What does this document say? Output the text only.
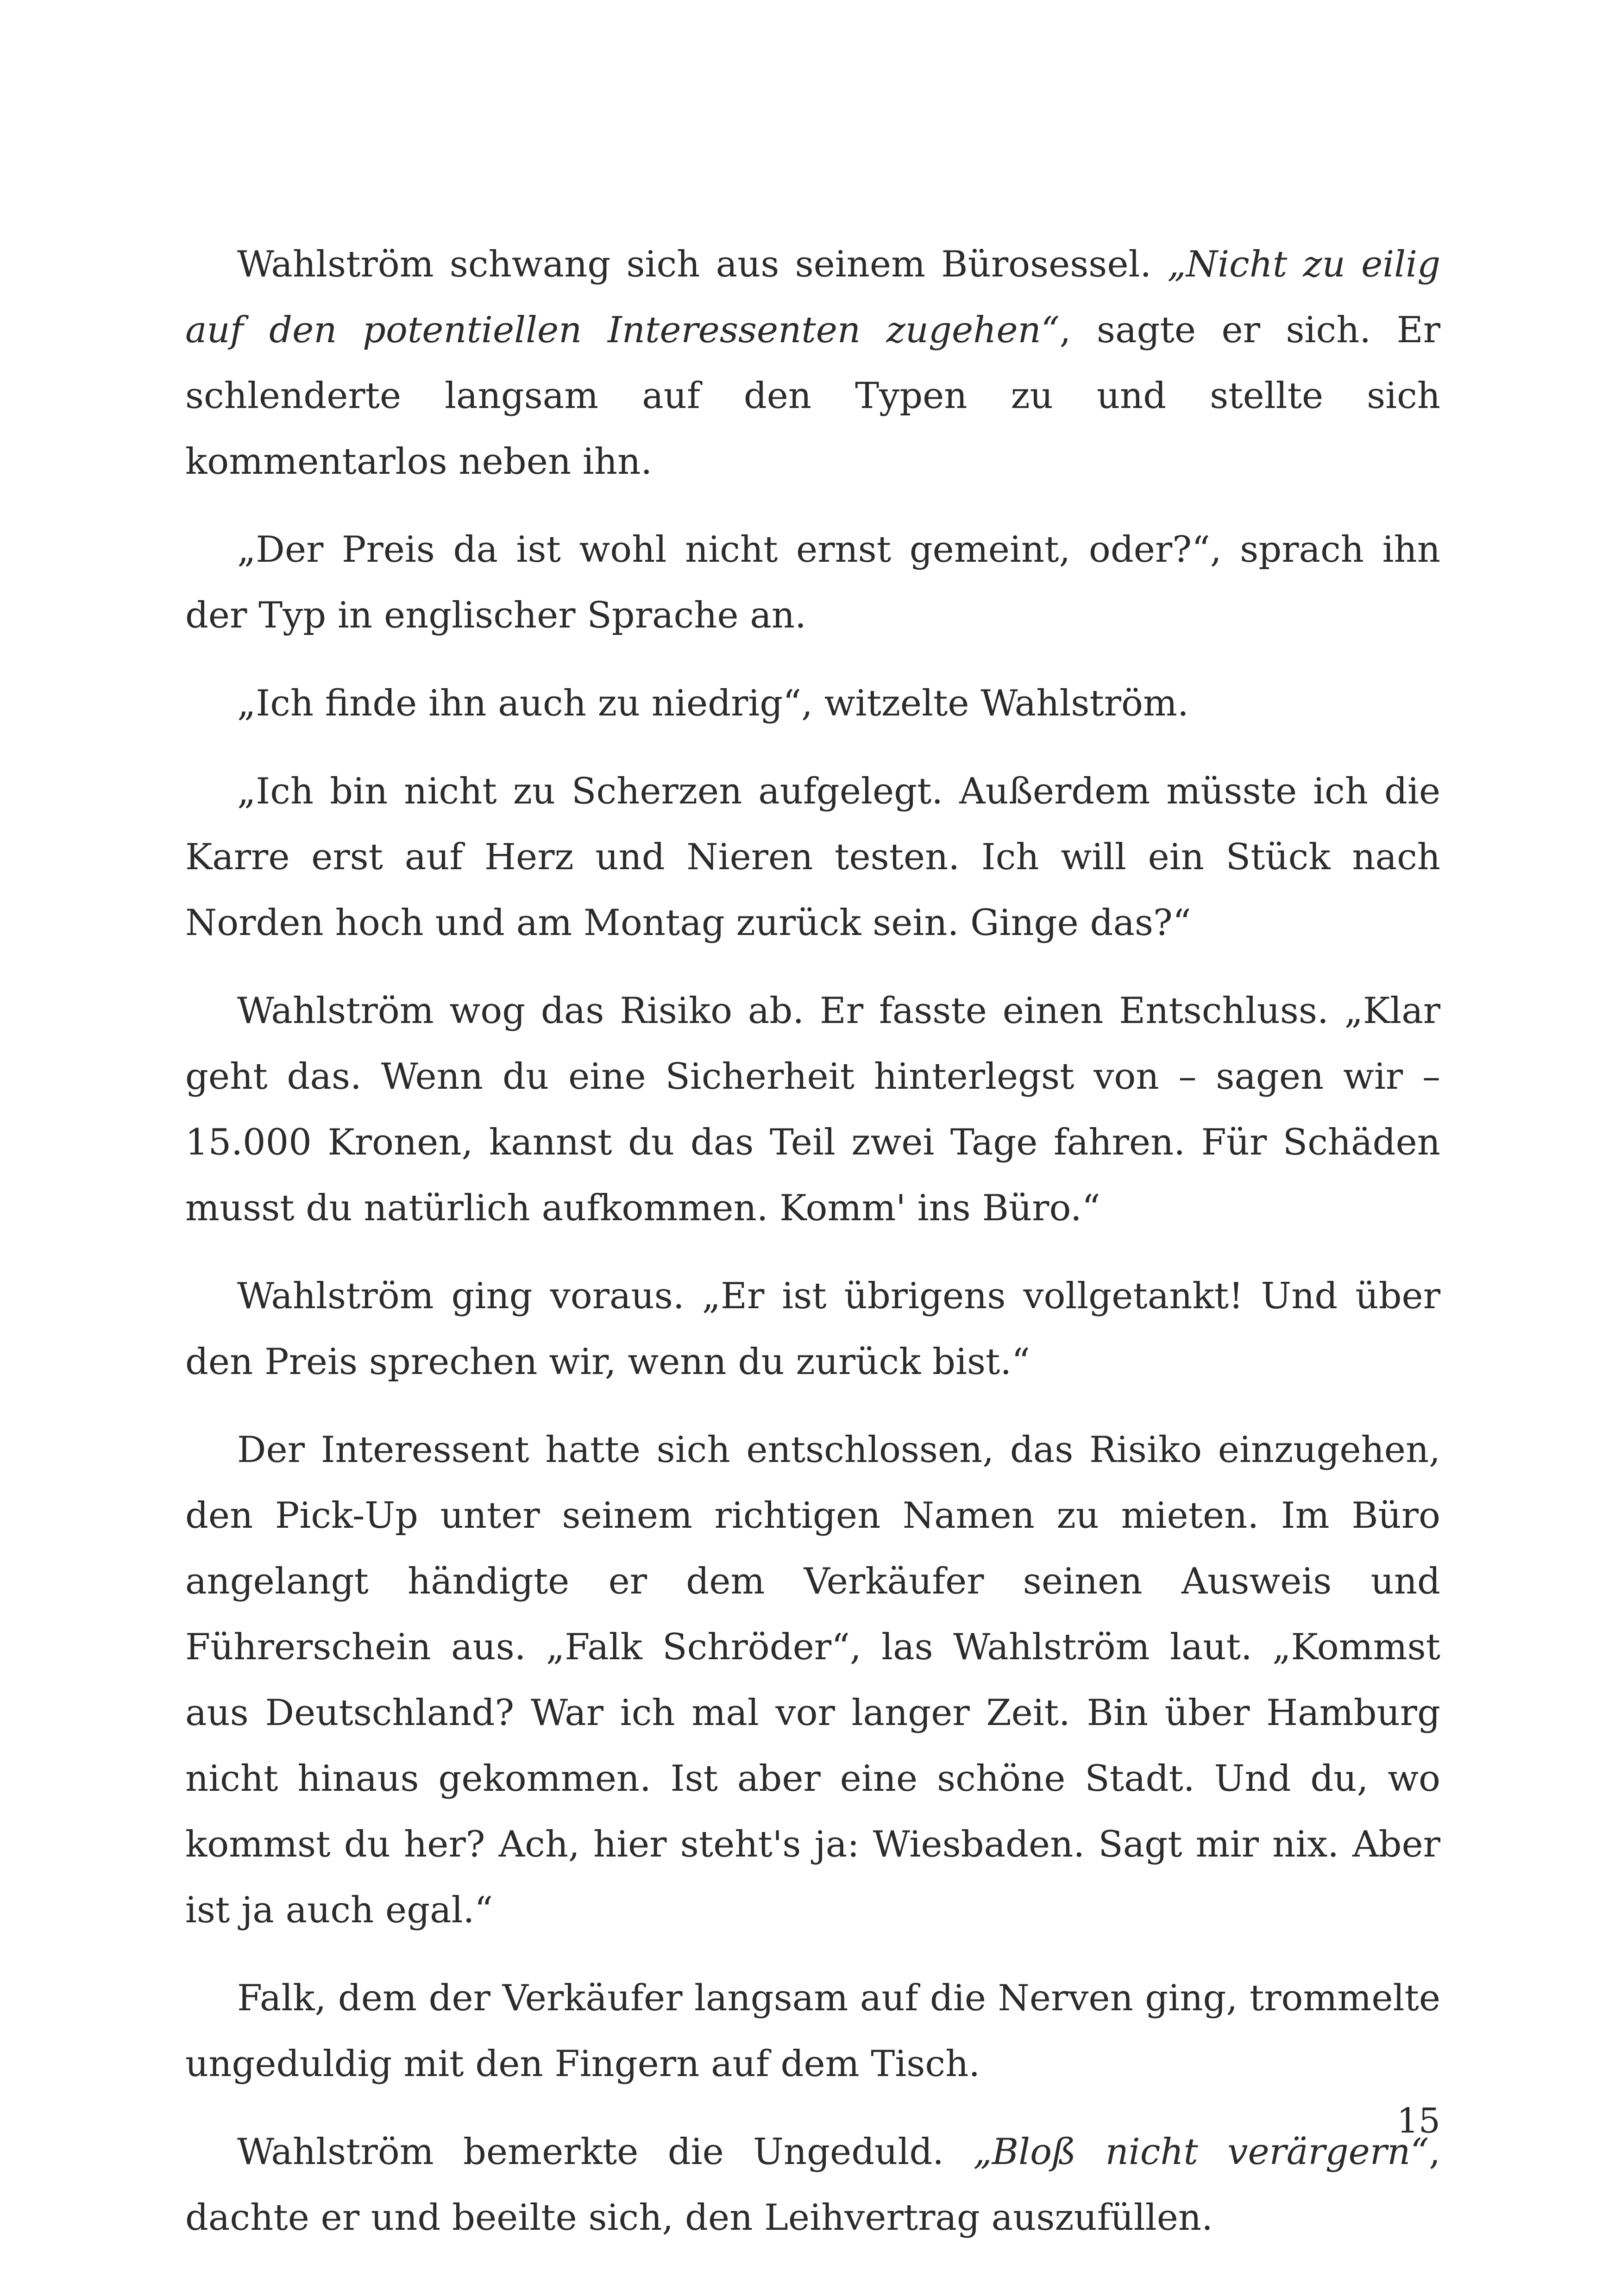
Wahlström schwang sich aus seinem Bürosessel. „Nicht zu eilig auf den potentiellen Interessenten zugehen“, sagte er sich. Er schlenderte langsam auf den Typen zu und stellte sich kommentarlos neben ihn.

„Der Preis da ist wohl nicht ernst gemeint, oder?“, sprach ihn der Typ in englischer Sprache an.

„Ich finde ihn auch zu niedrig“, witzelte Wahlström.

„Ich bin nicht zu Scherzen aufgelegt. Außerdem müsste ich die Karre erst auf Herz und Nieren testen. Ich will ein Stück nach Norden hoch und am Montag zurück sein. Ginge das?“

Wahlström wog das Risiko ab. Er fasste einen Entschluss. „Klar geht das. Wenn du eine Sicherheit hinterlegst von – sagen wir – 15.000 Kronen, kannst du das Teil zwei Tage fahren. Für Schäden musst du natürlich aufkommen. Komm' ins Büro.“

Wahlström ging voraus. „Er ist übrigens vollgetankt! Und über den Preis sprechen wir, wenn du zurück bist.“

Der Interessent hatte sich entschlossen, das Risiko einzugehen, den Pick-Up unter seinem richtigen Namen zu mieten. Im Büro angelangt händigte er dem Verkäufer seinen Ausweis und Führerschein aus. „Falk Schröder“, las Wahlström laut. „Kommst aus Deutschland? War ich mal vor langer Zeit. Bin über Hamburg nicht hinaus gekommen. Ist aber eine schöne Stadt. Und du, wo kommst du her? Ach, hier steht's ja: Wiesbaden. Sagt mir nix. Aber ist ja auch egal.“

Falk, dem der Verkäufer langsam auf die Nerven ging, trommelte ungeduldig mit den Fingern auf dem Tisch.

Wahlström bemerkte die Ungeduld. „Bloß nicht verärgern“, dachte er und beeilte sich, den Leihvertrag auszufüllen.

15
